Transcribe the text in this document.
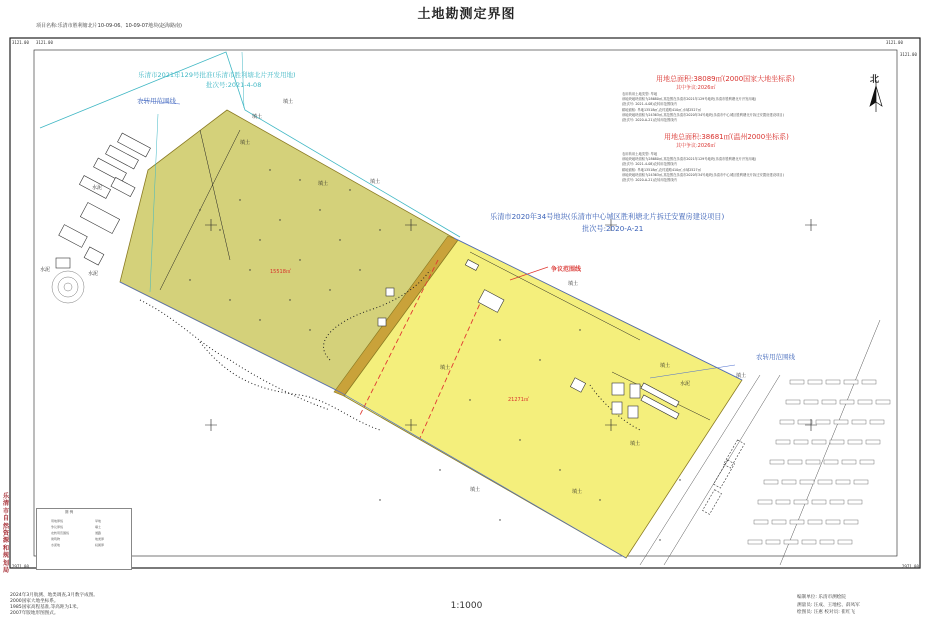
土地勘测定界图
项目名称:乐清市胜利塘北片10-09-06、10-09-07地块(赵海路南)
3121.00	3121.00
2971.00	2971.00
3121.00
3121.00
乐清市自然资源和规划局
乐清市2021年129号批准(乐清市胜利塘北片开发用地)
批次号:2021-4-08
农转用范围线
农转用范围线
用地总面积:38089㎡(2000国家大地坐标系)
其中争议:2026㎡
用地总面积:38681㎡(温州2000坐标系)
其中争议:2026㎡
农用转用土地类型: 旱地
该地块地块面积为28680㎡,其范围在乐清市2021年129号地块(乐清市胜利塘北片开发用地)
(批次号: 2021-4-08)农转用范围线内
耕地面积: 旱地13518㎡,农村道路410㎡,水域2527㎡
该地块地块面积为24363㎡,其范围在乐清市2020年34号地块(乐清市中心城区胜利塘北片拆迁安置房建设项目)
(批次号: 2020-A-21)农转用范围线内
农用转用土地类型: 旱地
该地块地块面积为28680㎡,其范围在乐清市2021年129号地块(乐清市胜利塘北片开发用地)
(批次号: 2021-4-08)农转用范围线内
耕地面积: 旱地13518㎡,农村道路410㎡,水域2527㎡
该地块地块面积为24363㎡,其范围在乐清市2020年34号地块(乐清市中心城区胜利塘北片拆迁安置房建设项目)
(批次号: 2020-A-21)农转用范围线内
乐清市2020年34号地块(乐清市中心城区胜利塘北片拆迁安置房建设项目)
批次号:2020-A-21
争议范围线
北
水泥
水泥
水泥
水泥
15518㎡
21271㎡
填土
填土
填土
填土
填土
填土
填土
填土
填土
填土
填土
填土
图 例
用地界线
争议界线
农转用范围线
建筑物
水泥地
旱地
填土
道路
地类界
权属界
2024年3月航测、地类调查,3月数字成图。
2000国家大地坐标系。
1985国家高程基准,等高距为1米。
2007年版地形图图式。
1:1000
编制单位: 乐清市测绘院
测量员: 汪成、王地松、薛凤军
绘图员: 汪惠 校对员: 崔红飞
